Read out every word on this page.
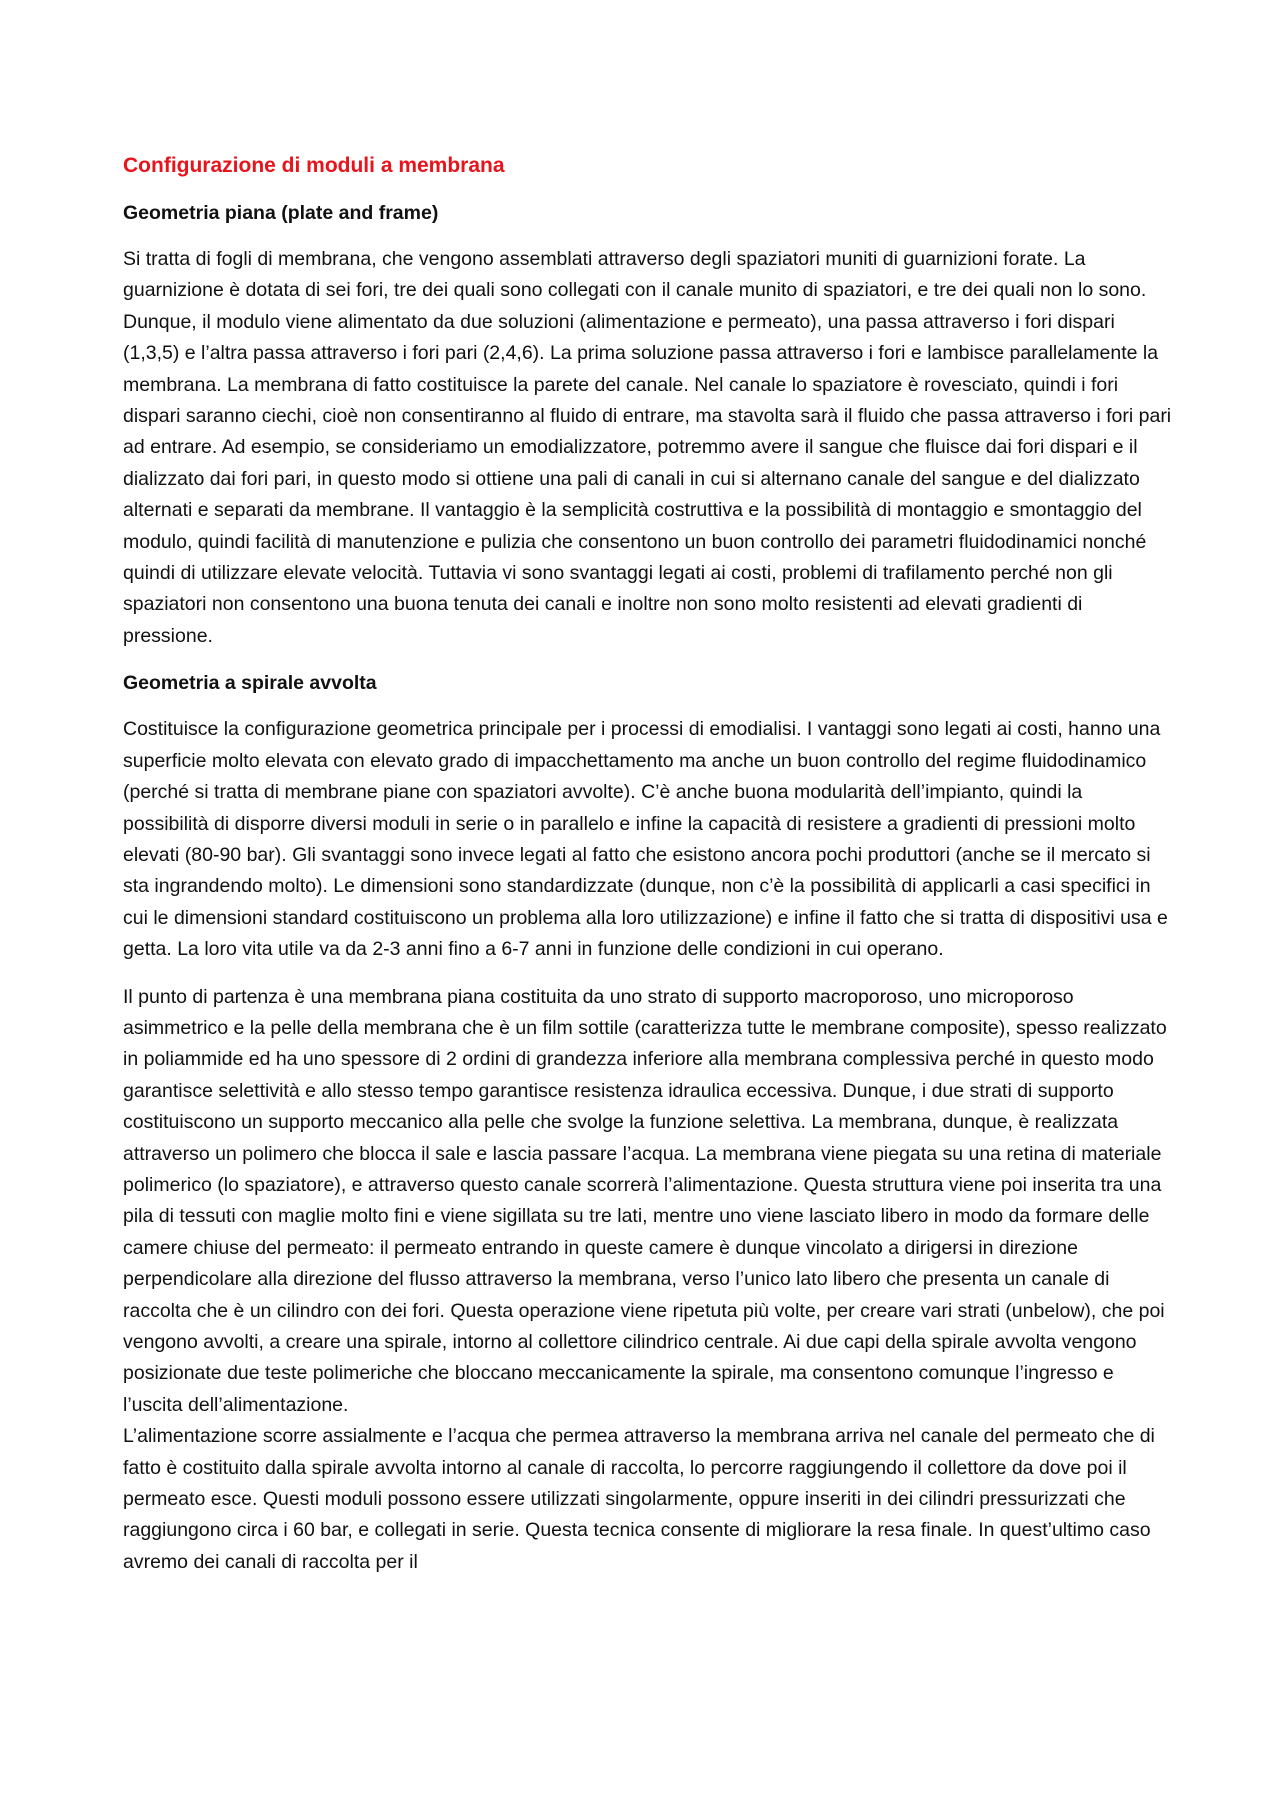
Configurazione di moduli a membrana
Geometria piana (plate and frame)

Si tratta di fogli di membrana, che vengono assemblati attraverso degli spaziatori muniti di guarnizioni forate. La guarnizione è dotata di sei fori, tre dei quali sono collegati con il canale munito di spaziatori, e tre dei quali non lo sono. Dunque, il modulo viene alimentato da due soluzioni (alimentazione e permeato), una passa attraverso i fori dispari (1,3,5) e l’altra passa attraverso i fori pari (2,4,6). La prima soluzione passa attraverso i fori e lambisce parallelamente la membrana. La membrana di fatto costituisce la parete del canale. Nel canale lo spaziatore è rovesciato, quindi i fori dispari saranno ciechi, cioè non consentiranno al fluido di entrare, ma stavolta sarà il fluido che passa attraverso i fori pari ad entrare. Ad esempio, se consideriamo un emodializzatore, potremmo avere il sangue che fluisce dai fori dispari e il dializzato dai fori pari, in questo modo si ottiene una pali di canali in cui si alternano canale del sangue e del dializzato alternati e separati da membrane. Il vantaggio è la semplicità costruttiva e la possibilità di montaggio e smontaggio del modulo, quindi facilità di manutenzione e pulizia che consentono un buon controllo dei parametri fluidodinamici nonché quindi di utilizzare elevate velocità. Tuttavia vi sono svantaggi legati ai costi, problemi di trafilamento perché non gli spaziatori non consentono una buona tenuta dei canali e inoltre non sono molto resistenti ad elevati gradienti di pressione.

Geometria a spirale avvolta

Costituisce la configurazione geometrica principale per i processi di emodialisi. I vantaggi sono legati ai costi, hanno una superficie molto elevata con elevato grado di impacchettamento ma anche un buon controllo del regime fluidodinamico (perché si tratta di membrane piane con spaziatori avvolte). C’è anche buona modularità dell’impianto, quindi la possibilità di disporre diversi moduli in serie o in parallelo e infine la capacità di resistere a gradienti di pressioni molto elevati (80-90 bar). Gli svantaggi sono invece legati al fatto che esistono ancora pochi produttori (anche se il mercato si sta ingrandendo molto). Le dimensioni sono standardizzate (dunque, non c’è la possibilità di applicarli a casi specifici in cui le dimensioni standard costituiscono un problema alla loro utilizzazione) e infine il fatto che si tratta di dispositivi usa e getta. La loro vita utile va da 2-3 anni fino a 6-7 anni in funzione delle condizioni in cui operano.

Il punto di partenza è una membrana piana costituita da uno strato di supporto macroporoso, uno microporoso asimmetrico e la pelle della membrana che è un film sottile (caratterizza tutte le membrane composite), spesso realizzato in poliammide ed ha uno spessore di 2 ordini di grandezza inferiore alla membrana complessiva perché in questo modo garantisce selettività e allo stesso tempo garantisce resistenza idraulica eccessiva. Dunque, i due strati di supporto costituiscono un supporto meccanico alla pelle che svolge la funzione selettiva. La membrana, dunque, è realizzata attraverso un polimero che blocca il sale e lascia passare l’acqua. La membrana viene piegata su una retina di materiale polimerico (lo spaziatore), e attraverso questo canale scorrerà l’alimentazione. Questa struttura viene poi inserita tra una pila di tessuti con maglie molto fini e viene sigillata su tre lati, mentre uno viene lasciato libero in modo da formare delle camere chiuse del permeato: il permeato entrando in queste camere è dunque vincolato a dirigersi in direzione perpendicolare alla direzione del flusso attraverso la membrana, verso l’unico lato libero che presenta un canale di raccolta che è un cilindro con dei fori. Questa operazione viene ripetuta più volte, per creare vari strati (unbelow), che poi vengono avvolti, a creare una spirale, intorno al collettore cilindrico centrale. Ai due capi della spirale avvolta vengono posizionate due teste polimeriche che bloccano meccanicamente la spirale, ma consentono comunque l’ingresso e l’uscita dell’alimentazione.

L’alimentazione scorre assialmente e l’acqua che permea attraverso la membrana arriva nel canale del permeato che di fatto è costituito dalla spirale avvolta intorno al canale di raccolta, lo percorre raggiungendo il collettore da dove poi il permeato esce. Questi moduli possono essere utilizzati singolarmente, oppure inseriti in dei cilindri pressurizzati che raggiungono circa i 60 bar, e collegati in serie. Questa tecnica consente di migliorare la resa finale. In quest’ultimo caso avremo dei canali di raccolta per il
